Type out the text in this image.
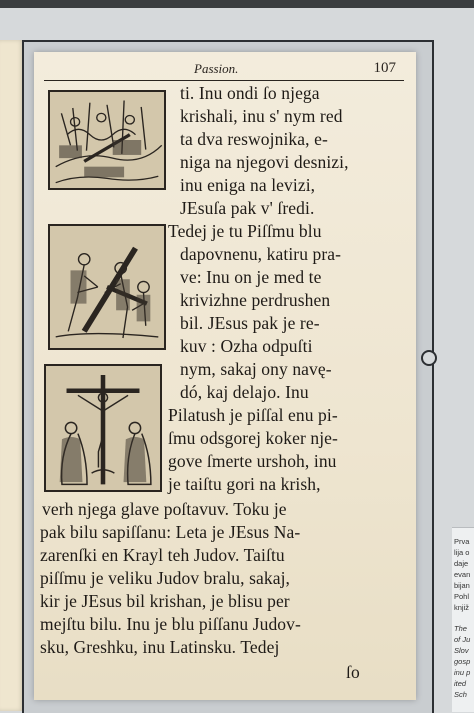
Passion.	107
ti. Inu ondi ſo njega
krishali, inu s' nym red
ta dva reswojnika, e-
niga na njegovi desnizi,
inu eniga na levizi,
JEsuſa pak v' ſredi.
Tedej je tu Piſſmu blu
dapovnenu, katiru pra-
ve: Inu on je med te
krivizhne perdrushen
bil. JEsus pak je re-
kuv : Ozha odpuſti
nym, sakaj ony navę-
dó, kaj delajo. Inu
Pilatush je piſſal enu pi-
ſmu odsgorej koker nje-
gove ſmerte urshoh, inu
je taiſtu gori na krish,
verh njega glave poſtavuv. Toku je
pak bilu sapiſſanu: Leta je JEsus Na-
zarenſki en Krayl teh Judov. Taiſtu
piſſmu je veliku Judov bralu, sakaj,
kir je JEsus bil krishan, je blisu per
mejſtu bilu. Inu je blu piſſanu Judov-
sku, Greshku, inu Latinsku. Tedej
ſo
Prva
lija o
daje
evan
bijan
Pohl
knjiž
The
of Ju
Slov
gosp
inu p
ited
Sch
